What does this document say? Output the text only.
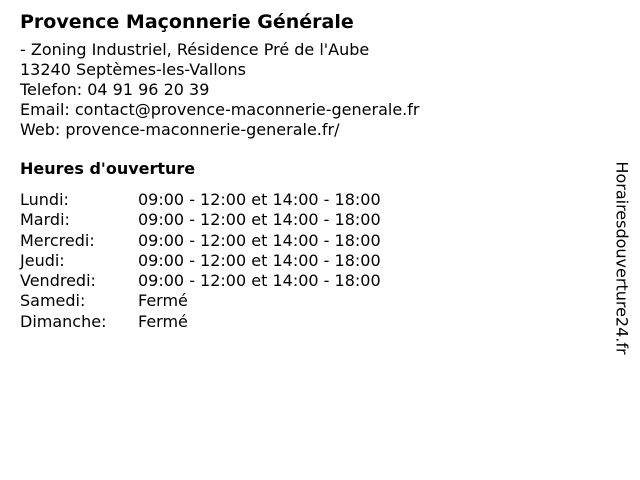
Provence Maçonnerie Générale
- Zoning Industriel, Résidence Pré de l'Aube
13240 Septèmes-les-Vallons
Telefon: 04 91 96 20 39
Email: contact@provence-maconnerie-generale.fr
Web: provence-maconnerie-generale.fr/
Heures d'ouverture
Lundi:	09:00 - 12:00 et 14:00 - 18:00
Mardi:	09:00 - 12:00 et 14:00 - 18:00
Mercredi:	09:00 - 12:00 et 14:00 - 18:00
Jeudi:	09:00 - 12:00 et 14:00 - 18:00
Vendredi:	09:00 - 12:00 et 14:00 - 18:00
Samedi:	Fermé
Dimanche:	Fermé	Horairesdouverture24.fr
